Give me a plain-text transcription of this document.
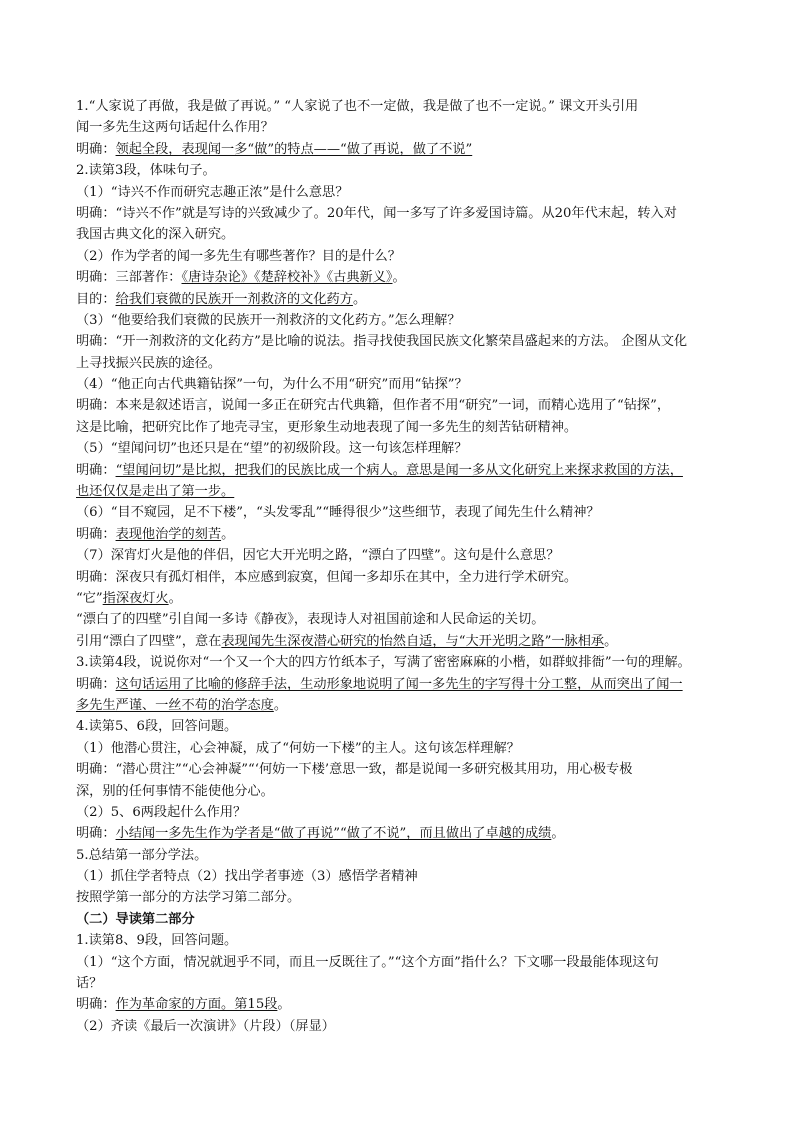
1.“人家说了再做，我是做了再说。” “人家说了也不一定做，我是做了也不一定说。” 课文开头引用
闻一多先生这两句话起什么作用？
明确：领起全段，表现闻一多“做”的特点——“做了再说，做了不说”
2.读第3段，体味句子。
（1）“诗兴不作而研究志趣正浓”是什么意思？
明确：“诗兴不作”就是写诗的兴致减少了。20年代，闻一多写了许多爱国诗篇。从20年代末起，转入对
我国古典文化的深入研究。
（2）作为学者的闻一多先生有哪些著作？目的是什么？
明确：三部著作：《唐诗杂论》《楚辞校补》《古典新义》。
目的：给我们衰微的民族开一剂救济的文化药方。
（3）“他要给我们衰微的民族开一剂救济的文化药方。”怎么理解？
明确：“开一剂救济的文化药方”是比喻的说法。指寻找使我国民族文化繁荣昌盛起来的方法。 企图从文化
上寻找振兴民族的途径。
（4）“他正向古代典籍钻探”一句，为什么不用“研究”而用“钻探”？
明确：本来是叙述语言，说闻一多正在研究古代典籍，但作者不用“研究”一词，而精心选用了“钻探”，
这是比喻，把研究比作了地壳寻宝，更形象生动地表现了闻一多先生的刻苦钻研精神。
（5）“望闻问切”也还只是在“望”的初级阶段。这一句该怎样理解？
明确：“望闻问切”是比拟，把我们的民族比成一个病人。意思是闻一多从文化研究上来探求救国的方法，
也还仅仅是走出了第一步。
（6）“目不窥园，足不下楼”，“头发零乱”“睡得很少”这些细节，表现了闻先生什么精神？
明确：表现他治学的刻苦。
（7）深宵灯火是他的伴侣，因它大开光明之路，“漂白了四壁”。这句是什么意思？
明确：深夜只有孤灯相伴，本应感到寂寞，但闻一多却乐在其中，全力进行学术研究。
“它”指深夜灯火。
“漂白了的四壁”引自闻一多诗《静夜》，表现诗人对祖国前途和人民命运的关切。
引用“漂白了四壁”，意在表现闻先生深夜潜心研究的怡然自适，与“大开光明之路”一脉相承。
3.读第4段，说说你对“一个又一个大的四方竹纸本子，写满了密密麻麻的小楷，如群蚁排衙”一句的理解。
明确：这句话运用了比喻的修辞手法，生动形象地说明了闻一多先生的字写得十分工整，从而突出了闻一
多先生严谨、一丝不苟的治学态度。
4.读第5、6段，回答问题。
（1）他潜心贯注，心会神凝，成了“何妨一下楼”的主人。这句该怎样理解？
明确：“潜心贯注”“心会神凝”“‘何妨一下楼’意思一致，都是说闻一多研究极其用功，用心极专极
深，别的任何事情不能使他分心。
（2）5、6两段起什么作用？
明确：小结闻一多先生作为学者是“做了再说”“做了不说”，而且做出了卓越的成绩。
5.总结第一部分学法。
（1）抓住学者特点（2）找出学者事迹（3）感悟学者精神
按照学第一部分的方法学习第二部分。
（二）导读第二部分
1.读第8、9段，回答问题。
（1）“这个方面，情况就迥乎不同，而且一反既往了。”“这个方面”指什么？下文哪一段最能体现这句
话？
明确：作为革命家的方面。第15段。
（2）齐读《最后一次演讲》（片段）（屏显）
